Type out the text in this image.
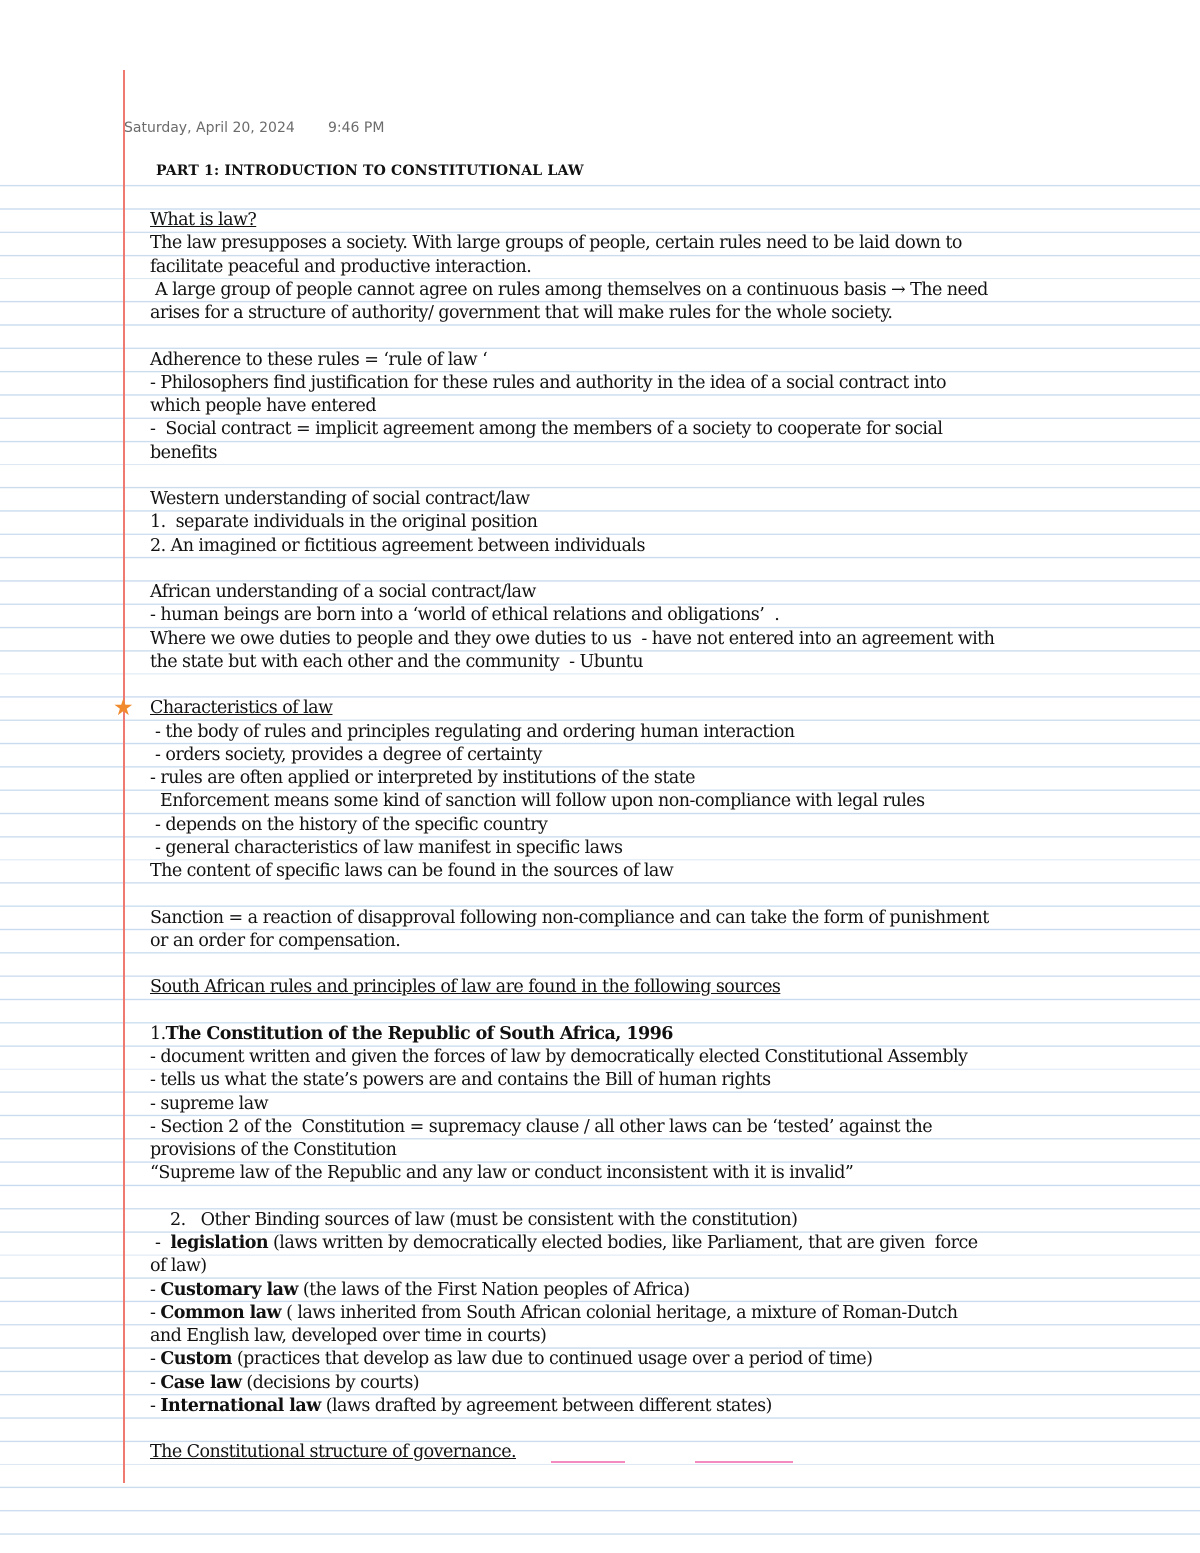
Saturday, April 20, 2024 9:46 PM
PART 1: INTRODUCTION TO CONSTITUTIONAL LAW
★
What is law?
The law presupposes a society. With large groups of people, certain rules need to be laid down to
facilitate peaceful and productive interaction.
A large group of people cannot agree on rules among themselves on a continuous basis → The need
arises for a structure of authority/ government that will make rules for the whole society.
Adherence to these rules = ‘rule of law ‘
- Philosophers find justification for these rules and authority in the idea of a social contract into
which people have entered
-  Social contract = implicit agreement among the members of a society to cooperate for social
benefits
Western understanding of social contract/law
1.  separate individuals in the original position
2. An imagined or fictitious agreement between individuals
African understanding of a social contract/law
- human beings are born into a ‘world of ethical relations and obligations’  .
Where we owe duties to people and they owe duties to us  - have not entered into an agreement with
the state but with each other and the community  - Ubuntu
Characteristics of law
- the body of rules and principles regulating and ordering human interaction
- orders society, provides a degree of certainty
- rules are often applied or interpreted by institutions of the state
Enforcement means some kind of sanction will follow upon non-compliance with legal rules
- depends on the history of the specific country
- general characteristics of law manifest in specific laws
The content of specific laws can be found in the sources of law
Sanction = a reaction of disapproval following non-compliance and can take the form of punishment
or an order for compensation.
South African rules and principles of law are found in the following sources
1.The Constitution of the Republic of South Africa, 1996
- document written and given the forces of law by democratically elected Constitutional Assembly
- tells us what the state’s powers are and contains the Bill of human rights
- supreme law
- Section 2 of the  Constitution = supremacy clause / all other laws can be ‘tested’ against the
provisions of the Constitution
“Supreme law of the Republic and any law or conduct inconsistent with it is invalid”
2.   Other Binding sources of law (must be consistent with the constitution)
-  legislation (laws written by democratically elected bodies, like Parliament, that are given  force
of law)
- Customary law (the laws of the First Nation peoples of Africa)
- Common law ( laws inherited from South African colonial heritage, a mixture of Roman-Dutch
and English law, developed over time in courts)
- Custom (practices that develop as law due to continued usage over a period of time)
- Case law (decisions by courts)
- International law (laws drafted by agreement between different states)
The Constitutional structure of governance.
